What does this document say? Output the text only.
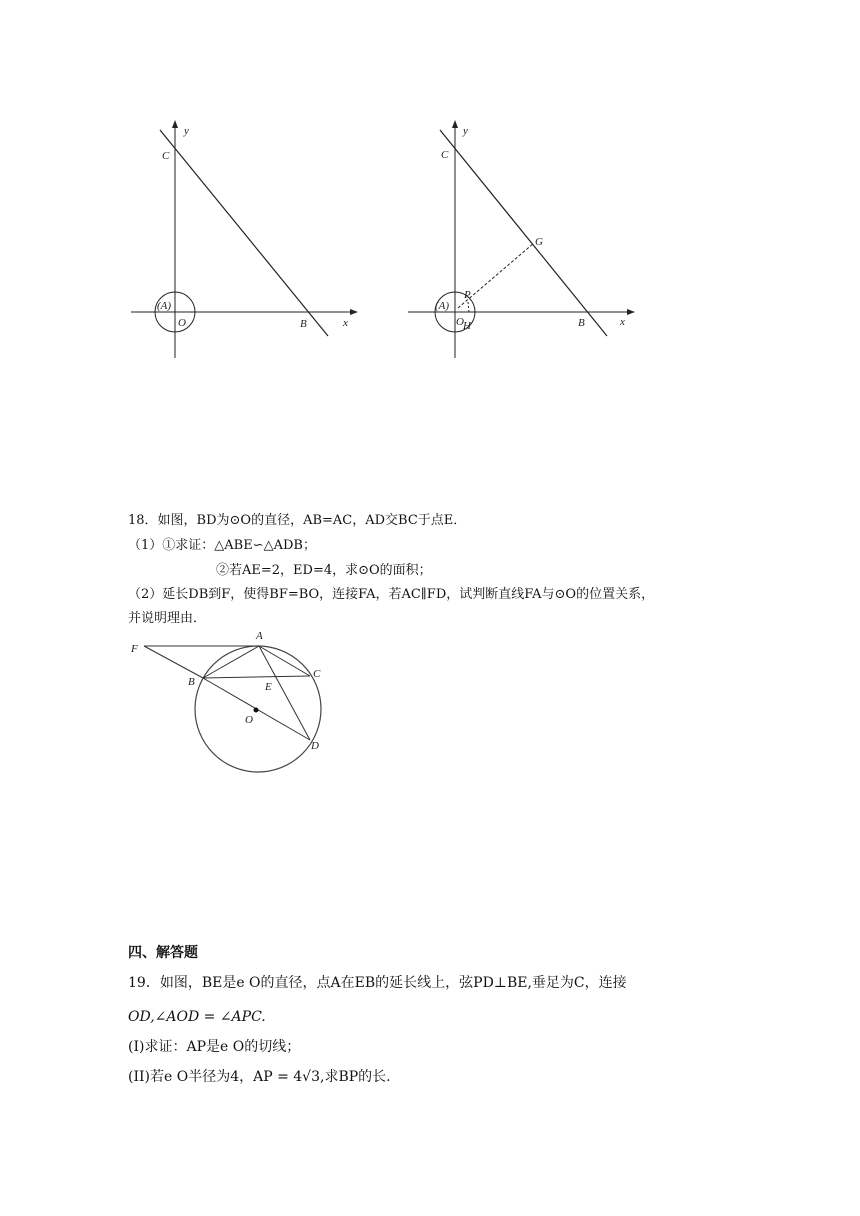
y
C
(A)
O	B	x
y
C
G
P
(A)
O H	B	x
18．如图，BD为⊙O的直径，AB=AC，AD交BC于点E．
（1）①求证：△ABE∽△ADB；
②若AE=2，ED=4，求⊙O的面积；
（2）延长DB到F，使得BF=BO，连接FA，若AC∥FD，试判断直线FA与⊙O的位置关系，
并说明理由．
F
A
C
B	E
O
D
四、解答题
19．如图，BE是e O的直径，点A在EB的延长线上，弦PD⊥BE,垂足为C，连接
OD,∠AOD = ∠APC.
(I)求证：AP是e O的切线；
(II)若e O半径为4，AP = 4√3,求BP的长.
